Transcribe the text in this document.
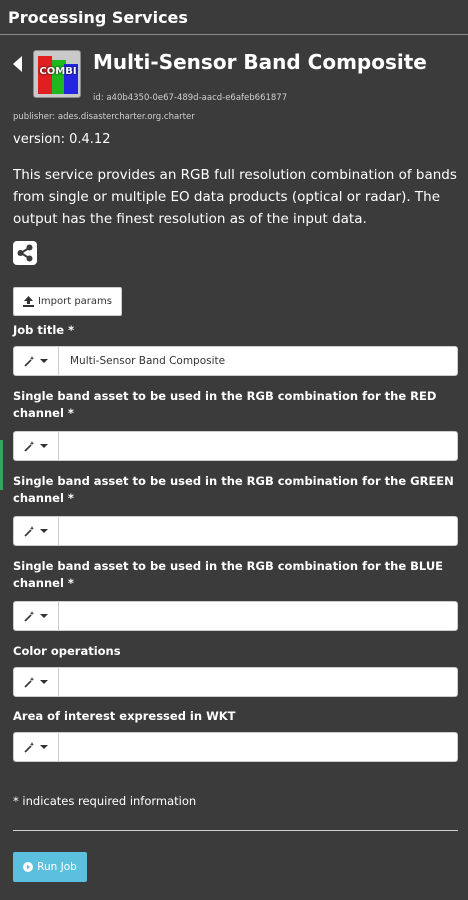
Processing Services
COMBI Multi-Sensor Band Composite
id: a40b4350-0e67-489d-aacd-e6afeb661877
publisher: ades.disastercharter.org.charter
version: 0.4.12
This service provides an RGB full resolution combination of bands from single or multiple EO data products (optical or radar). The output has the finest resolution as of the input data.
Import params
Job title *
Multi-Sensor Band Composite
Single band asset to be used in the RGB combination for the RED channel *
Single band asset to be used in the RGB combination for the GREEN channel *
Single band asset to be used in the RGB combination for the BLUE channel *
Color operations
Area of interest expressed in WKT
* indicates required information
Run Job
